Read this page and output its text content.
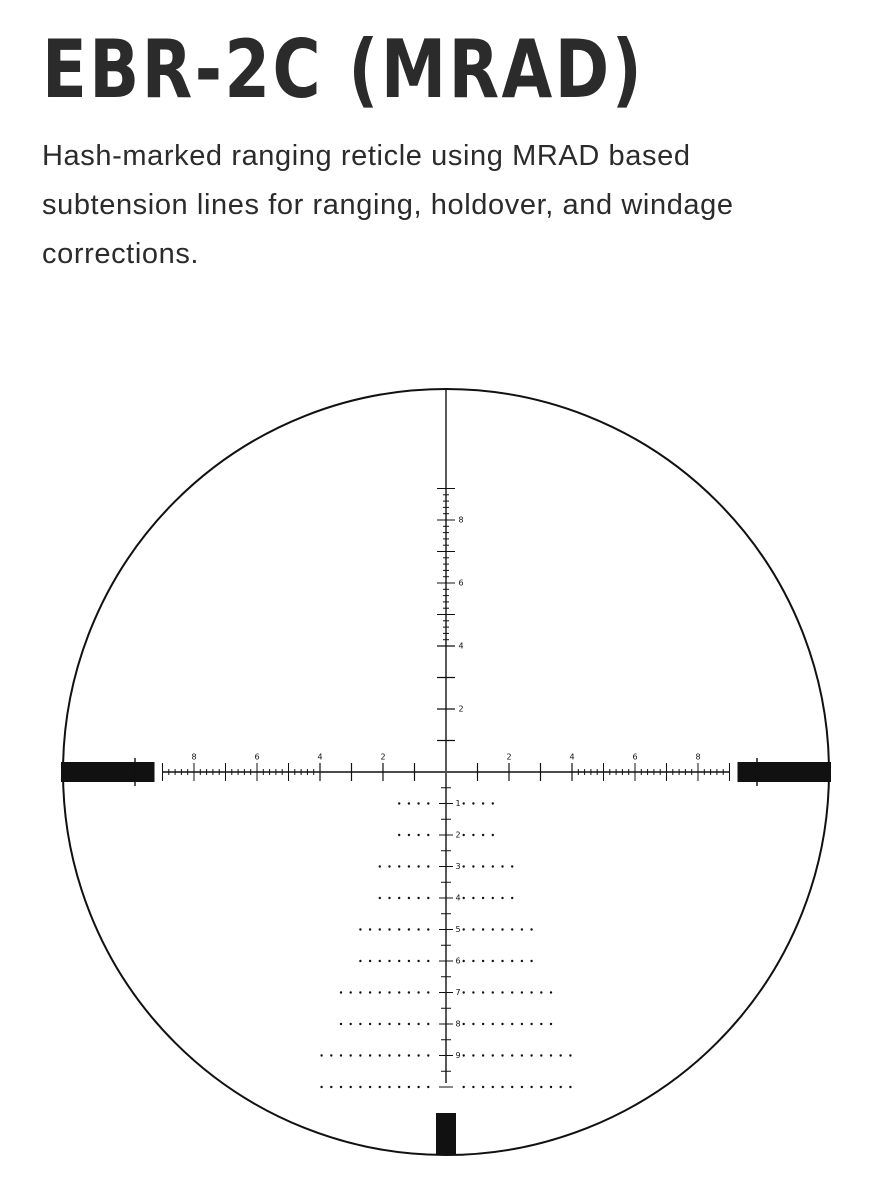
EBR-2C (MRAD)

Hash-marked ranging reticle using MRAD based subtension lines for ranging, holdover, and windage corrections.

8	6	4	2	2	4	6	8
8
6
4
2
1
2
3
4
5
6
7
8
9
